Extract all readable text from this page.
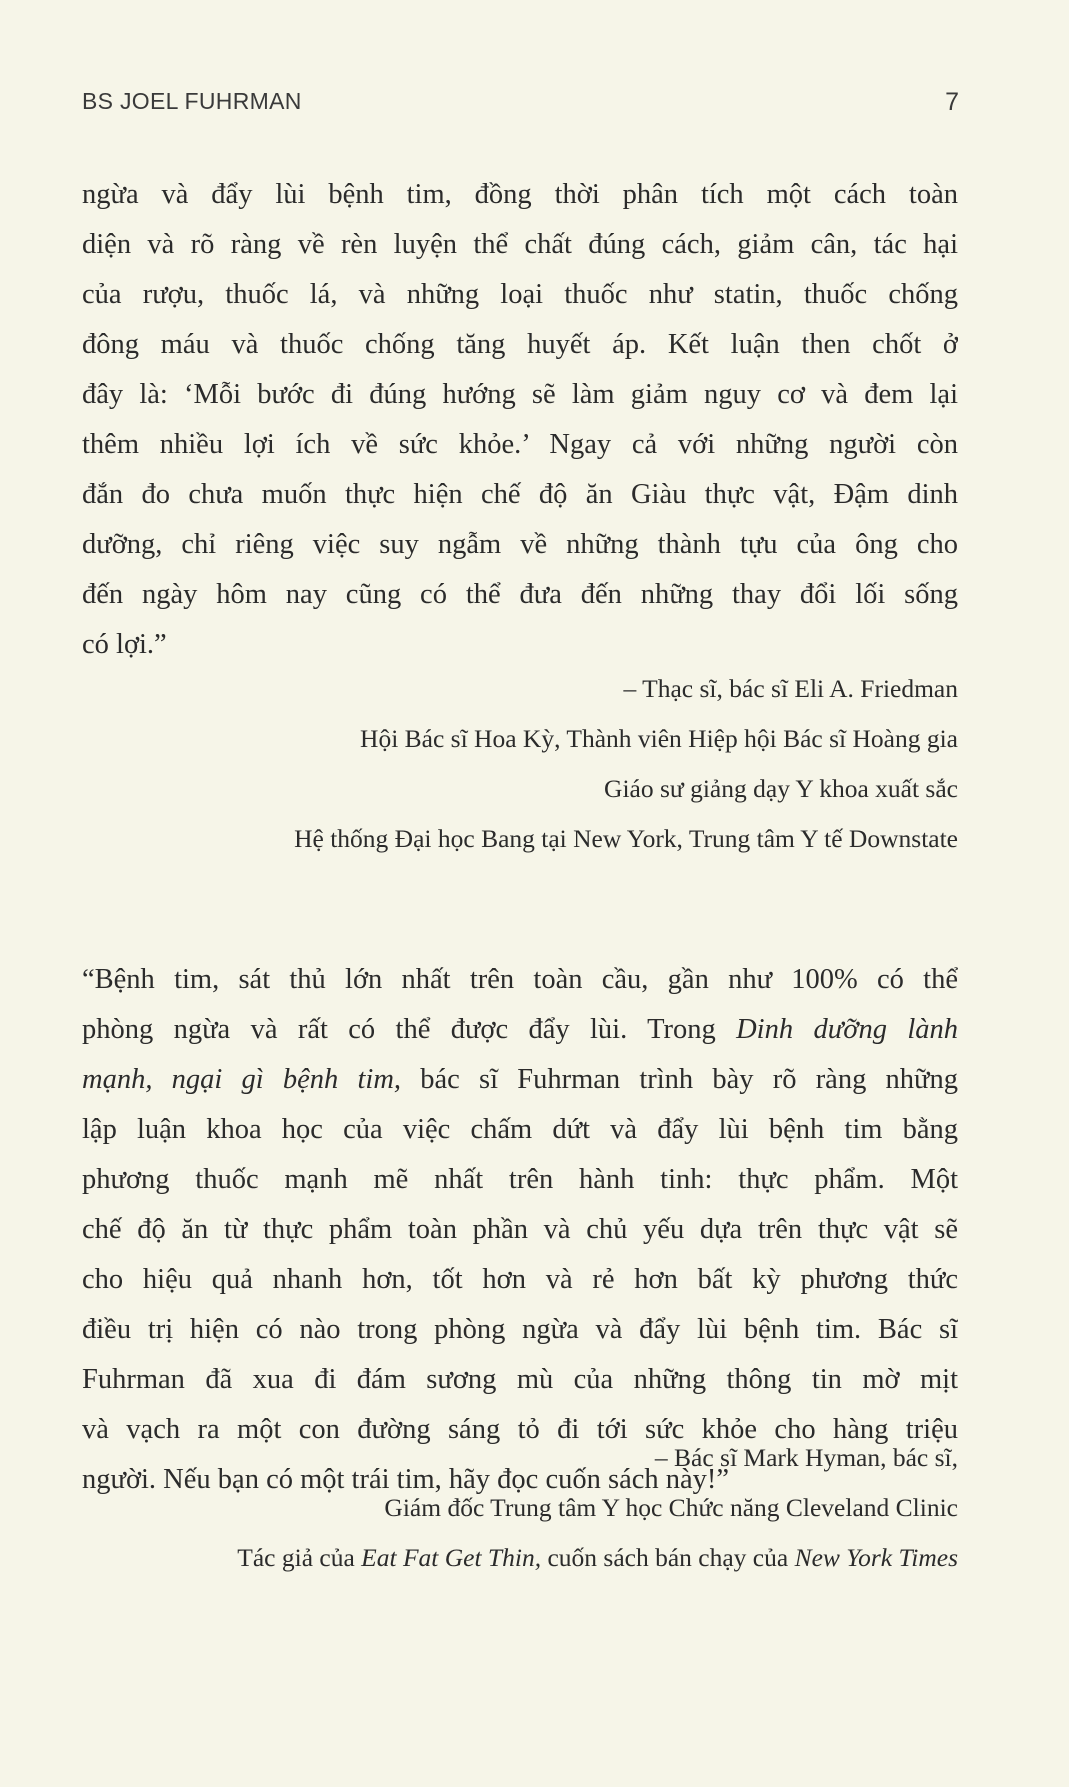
BS JOEL FUHRMAN	7
ngừa và đẩy lùi bệnh tim, đồng thời phân tích một cách toàn
diện và rõ ràng về rèn luyện thể chất đúng cách, giảm cân, tác hại
của rượu, thuốc lá, và những loại thuốc như statin, thuốc chống
đông máu và thuốc chống tăng huyết áp. Kết luận then chốt ở
đây là: ‘Mỗi bước đi đúng hướng sẽ làm giảm nguy cơ và đem lại
thêm nhiều lợi ích về sức khỏe.’ Ngay cả với những người còn
đắn đo chưa muốn thực hiện chế độ ăn Giàu thực vật, Đậm dinh
dưỡng, chỉ riêng việc suy ngẫm về những thành tựu của ông cho
đến ngày hôm nay cũng có thể đưa đến những thay đổi lối sống
có lợi.”
– Thạc sĩ, bác sĩ Eli A. Friedman
Hội Bác sĩ Hoa Kỳ, Thành viên Hiệp hội Bác sĩ Hoàng gia
Giáo sư giảng dạy Y khoa xuất sắc
Hệ thống Đại học Bang tại New York, Trung tâm Y tế Downstate
“Bệnh tim, sát thủ lớn nhất trên toàn cầu, gần như 100% có thể
phòng ngừa và rất có thể được đẩy lùi. Trong Dinh dưỡng lành
mạnh, ngại gì bệnh tim, bác sĩ Fuhrman trình bày rõ ràng những
lập luận khoa học của việc chấm dứt và đẩy lùi bệnh tim bằng
phương thuốc mạnh mẽ nhất trên hành tinh: thực phẩm. Một
chế độ ăn từ thực phẩm toàn phần và chủ yếu dựa trên thực vật sẽ
cho hiệu quả nhanh hơn, tốt hơn và rẻ hơn bất kỳ phương thức
điều trị hiện có nào trong phòng ngừa và đẩy lùi bệnh tim. Bác sĩ
Fuhrman đã xua đi đám sương mù của những thông tin mờ mịt
và vạch ra một con đường sáng tỏ đi tới sức khỏe cho hàng triệu
người. Nếu bạn có một trái tim, hãy đọc cuốn sách này!”
– Bác sĩ Mark Hyman, bác sĩ,
Giám đốc Trung tâm Y học Chức năng Cleveland Clinic
Tác giả của Eat Fat Get Thin, cuốn sách bán chạy của New York Times
